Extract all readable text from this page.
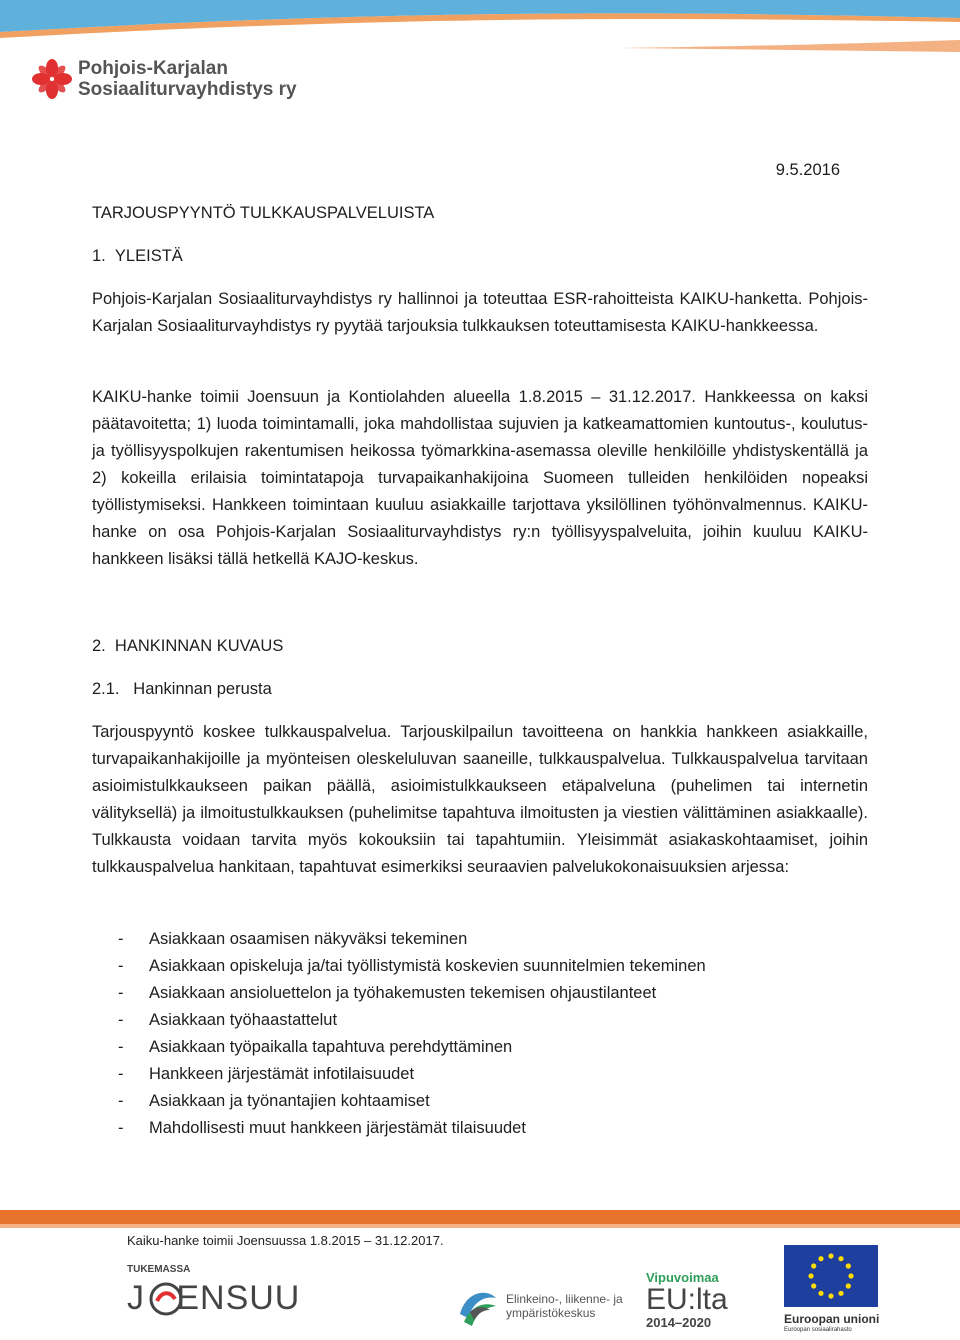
Pohjois-Karjalan
Sosiaaliturvayhdistys ry
9.5.2016
TARJOUSPYYNTÖ TULKKAUSPALVELUISTA
1.  YLEISTÄ
Pohjois-Karjalan Sosiaaliturvayhdistys ry hallinnoi ja toteuttaa ESR-rahoitteista KAIKU-hanketta. Pohjois-Karjalan Sosiaaliturvayhdistys ry pyytää tarjouksia tulkkauksen toteuttamisesta KAIKU-hankkeessa.
KAIKU-hanke toimii Joensuun ja Kontiolahden alueella 1.8.2015 – 31.12.2017. Hankkeessa on kaksi päätavoitetta; 1) luoda toimintamalli, joka mahdollistaa sujuvien ja katkeamattomien kuntoutus-, koulutus- ja työllisyyspolkujen rakentumisen heikossa työmarkkina-asemassa oleville henkilöille yhdistyskentällä ja 2) kokeilla erilaisia toimintatapoja turvapaikanhakijoina Suomeen tulleiden henkilöiden nopeaksi työllistymiseksi. Hankkeen toimintaan kuuluu asiakkaille tarjottava yksilöllinen työhönvalmennus. KAIKU-hanke on osa Pohjois-Karjalan Sosiaaliturvayhdistys ry:n työllisyyspalveluita, joihin kuuluu KAIKU-hankkeen lisäksi tällä hetkellä KAJO-keskus.
2.  HANKINNAN KUVAUS
2.1.   Hankinnan perusta
Tarjouspyyntö koskee tulkkauspalvelua. Tarjouskilpailun tavoitteena on hankkia hankkeen asiakkaille, turvapaikanhakijoille ja myönteisen oleskeluluvan saaneille, tulkkauspalvelua. Tulkkauspalvelua tarvitaan asioimistulkkaukseen paikan päällä, asioimistulkkaukseen etäpalveluna (puhelimen tai internetin välityksellä) ja ilmoitustulkkauksen (puhelimitse tapahtuva ilmoitusten ja viestien välittäminen asiakkaalle). Tulkkausta voidaan tarvita myös kokouksiin tai tapahtumiin. Yleisimmät asiakaskohtaamiset, joihin tulkkauspalvelua hankitaan, tapahtuvat esimerkiksi seuraavien palvelukokonaisuuksien arjessa:
- Asiakkaan osaamisen näkyväksi tekeminen
- Asiakkaan opiskeluja ja/tai työllistymistä koskevien suunnitelmien tekeminen
- Asiakkaan ansioluettelon ja työhakemusten tekemisen ohjaustilanteet
- Asiakkaan työhaastattelut
- Asiakkaan työpaikalla tapahtuva perehdyttäminen
- Hankkeen järjestämät infotilaisuudet
- Asiakkaan ja työnantajien kohtaamiset
- Mahdollisesti muut hankkeen järjestämät tilaisuudet
Kaiku-hanke toimii Joensuussa 1.8.2015 – 31.12.2017.
TUKEMASSA
J   ENSUU	Elinkeino-, liikenne- ja
ympäristökeskus
Vipuvoimaa
EU:lta
2014–2020	Euroopan unioni
Euroopan sosiaalirahasto
